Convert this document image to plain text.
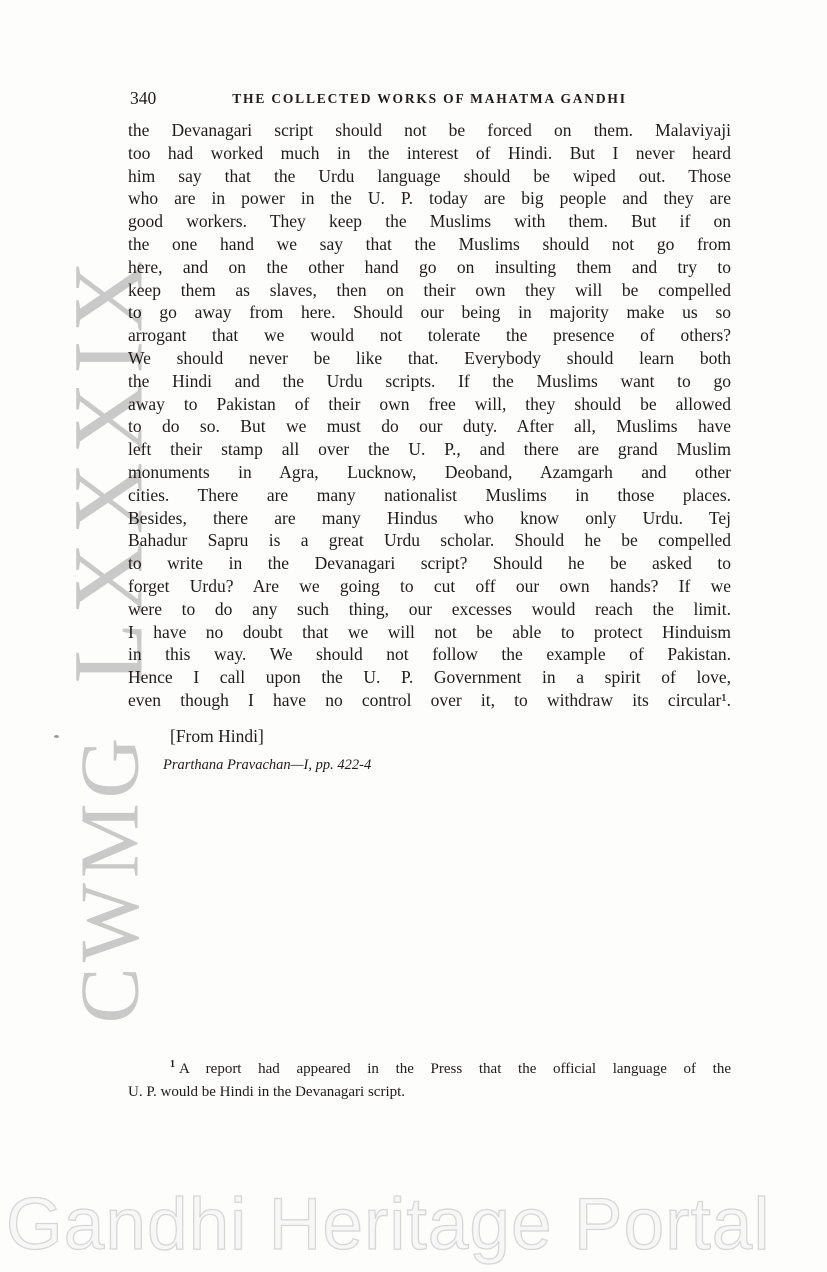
LXXXIX
CWMG
340	THE COLLECTED WORKS OF MAHATMA GANDHI
the Devanagari script should not be forced on them. Malaviyaji
too had worked much in the interest of Hindi. But I never heard
him say that the Urdu language should be wiped out. Those
who are in power in the U. P. today are big people and they are
good workers. They keep the Muslims with them. But if on
the one hand we say that the Muslims should not go from
here, and on the other hand go on insulting them and try to
keep them as slaves, then on their own they will be compelled
to go away from here. Should our being in majority make us so
arrogant that we would not tolerate the presence of others?
We should never be like that. Everybody should learn both
the Hindi and the Urdu scripts. If the Muslims want to go
away to Pakistan of their own free will, they should be allowed
to do so. But we must do our duty. After all, Muslims have
left their stamp all over the U. P., and there are grand Muslim
monuments in Agra, Lucknow, Deoband, Azamgarh and other
cities. There are many nationalist Muslims in those places.
Besides, there are many Hindus who know only Urdu. Tej
Bahadur Sapru is a great Urdu scholar. Should he be compelled
to write in the Devanagari script? Should he be asked to
forget Urdu? Are we going to cut off our own hands? If we
were to do any such thing, our excesses would reach the limit.
I have no doubt that we will not be able to protect Hinduism
in this way. We should not follow the example of Pakistan.
Hence I call upon the U. P. Government in a spirit of love,
even though I have no control over it, to withdraw its circular¹.
[From Hindi]
Prarthana Pravachan—I, pp. 422-4
$^1$ A report had appeared in the Press that the official language of the
U. P. would be Hindi in the Devanagari script.
Gandhi Heritage Portal
